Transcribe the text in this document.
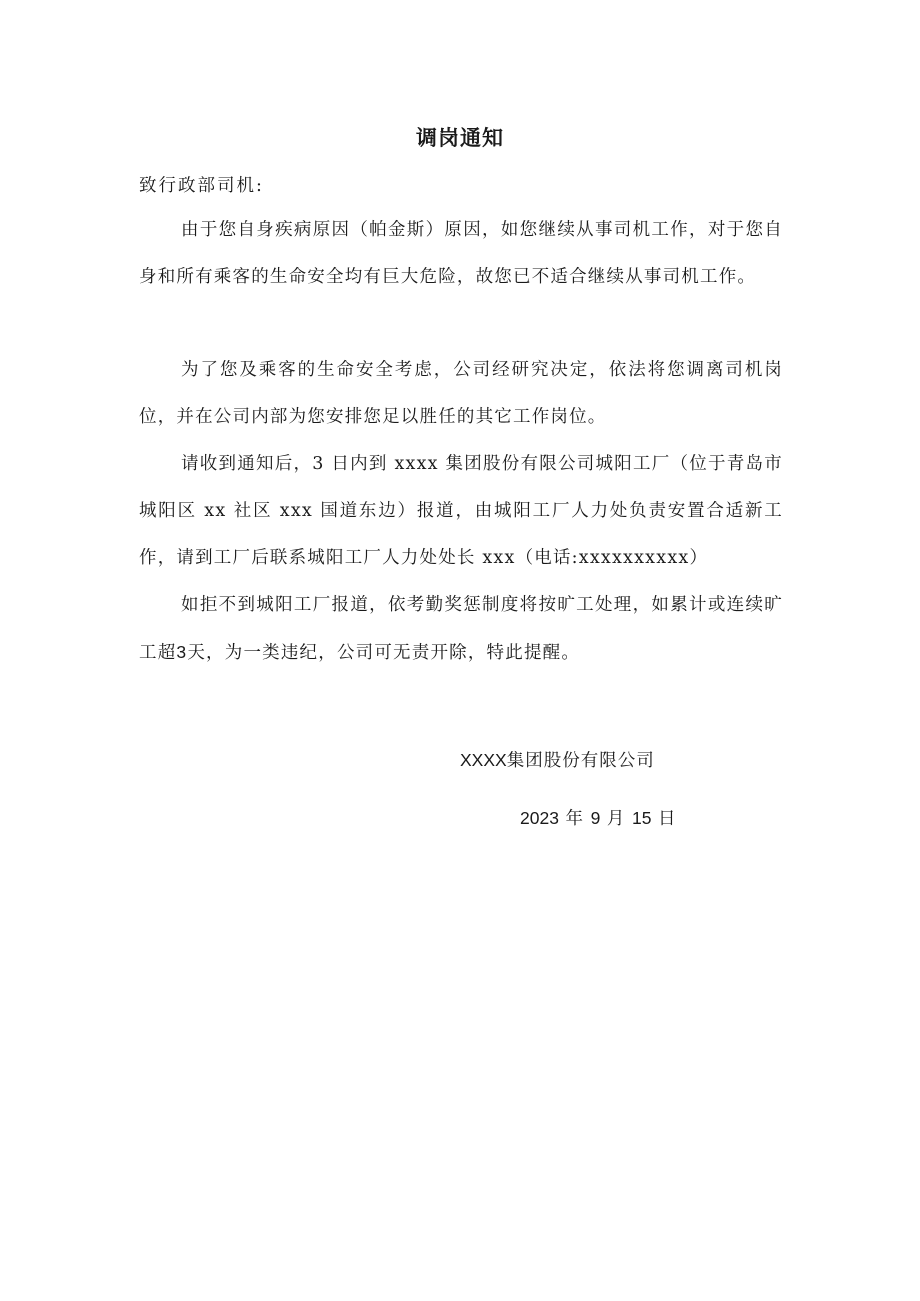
调岗通知
致行政部司机:

由于您自身疾病原因（帕金斯）原因，如您继续从事司机工作，对于您自身和所有乘客的生命安全均有巨大危险，故您已不适合继续从事司机工作。

为了您及乘客的生命安全考虑，公司经研究决定，依法将您调离司机岗位，并在公司内部为您安排您足以胜任的其它工作岗位。

请收到通知后，3 日内到 xxxx 集团股份有限公司城阳工厂（位于青岛市城阳区 xx 社区 xxx 国道东边）报道，由城阳工厂人力处负责安置合适新工作，请到工厂后联系城阳工厂人力处处长 xxx（电话:xxxxxxxxxx）

如拒不到城阳工厂报道，依考勤奖惩制度将按旷工处理，如累计或连续旷工超3天，为一类违纪，公司可无责开除，特此提醒。

XXXX集团股份有限公司
2023 年 9 月 15 日
